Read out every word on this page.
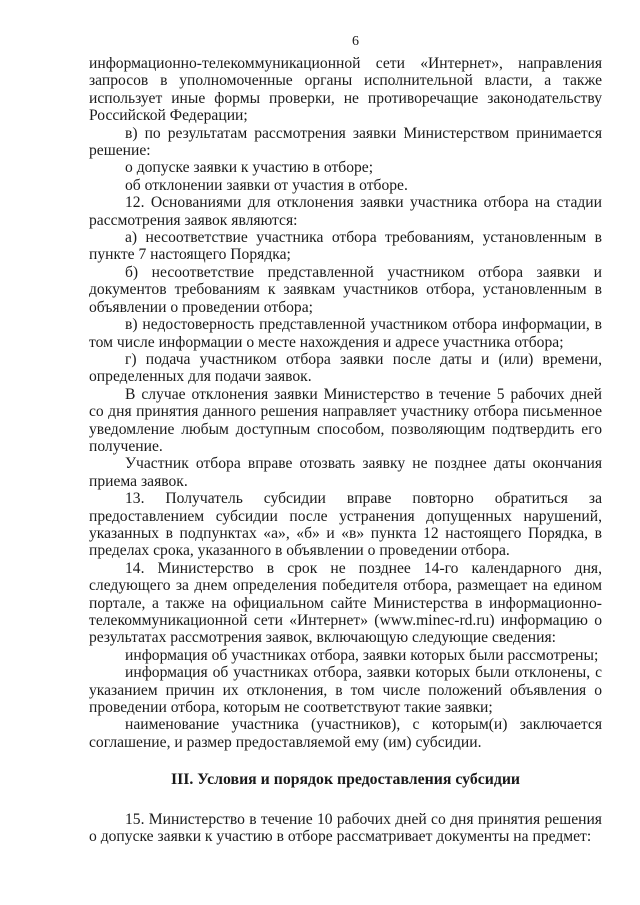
6

информационно-телекоммуникационной сети «Интернет», направления запросов в уполномоченные органы исполнительной власти, а также использует иные формы проверки, не противоречащие законодательству Российской Федерации;

в) по результатам рассмотрения заявки Министерством принимается решение:

о допуске заявки к участию в отборе;

об отклонении заявки от участия в отборе.

12. Основаниями для отклонения заявки участника отбора на стадии рассмотрения заявок являются:

а) несоответствие участника отбора требованиям, установленным в пункте 7 настоящего Порядка;

б) несоответствие представленной участником отбора заявки и документов требованиям к заявкам участников отбора, установленным в объявлении о проведении отбора;

в) недостоверность представленной участником отбора информации, в том числе информации о месте нахождения и адресе участника отбора;

г) подача участником отбора заявки после даты и (или) времени, определенных для подачи заявок.

В случае отклонения заявки Министерство в течение 5 рабочих дней со дня принятия данного решения направляет участнику отбора письменное уведомление любым доступным способом, позволяющим подтвердить его получение.

Участник отбора вправе отозвать заявку не позднее даты окончания приема заявок.

13. Получатель субсидии вправе повторно обратиться за предоставлением субсидии после устранения допущенных нарушений, указанных в подпунктах «а», «б» и «в» пункта 12 настоящего Порядка, в пределах срока, указанного в объявлении о проведении отбора.

14. Министерство в срок не позднее 14-го календарного дня, следующего за днем определения победителя отбора, размещает на едином портале, а также на официальном сайте Министерства в информационно-телекоммуникационной сети «Интернет» (www.minec-rd.ru) информацию о результатах рассмотрения заявок, включающую следующие сведения:

информация об участниках отбора, заявки которых были рассмотрены;

информация об участниках отбора, заявки которых были отклонены, с указанием причин их отклонения, в том числе положений объявления о проведении отбора, которым не соответствуют такие заявки;

наименование участника (участников), с которым(и) заключается соглашение, и размер предоставляемой ему (им) субсидии.

III. Условия и порядок предоставления субсидии

15. Министерство в течение 10 рабочих дней со дня принятия решения о допуске заявки к участию в отборе рассматривает документы на предмет:
